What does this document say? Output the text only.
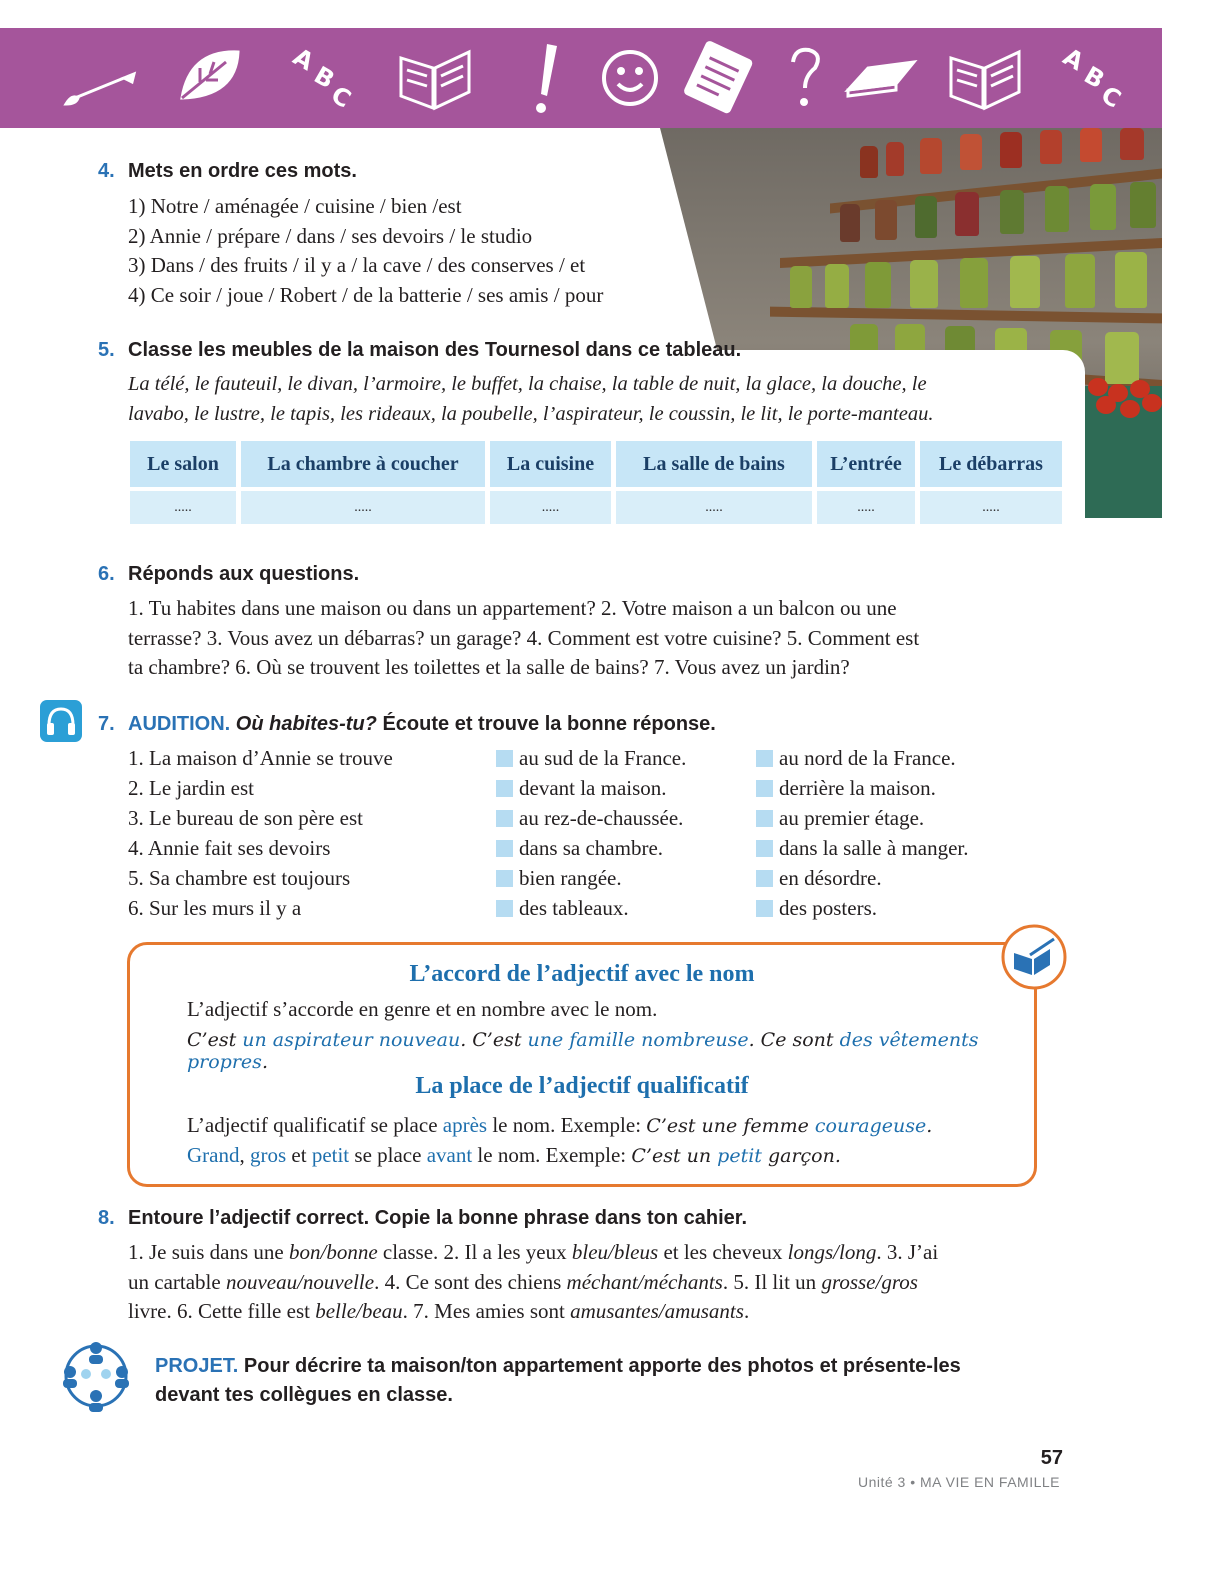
A
B
C
A
B
C
4. Mets en ordre ces mots.
1) Notre / aménagée / cuisine / bien /est
2) Annie / prépare / dans / ses devoirs / le studio
3) Dans / des fruits / il y a / la cave / des conserves / et
4) Ce soir / joue / Robert / de la batterie / ses amis / pour
5. Classe les meubles de la maison des Tournesol dans ce tableau.
La télé, le fauteuil, le divan, l’armoire, le buffet, la chaise, la table de nuit, la glace, la douche, le
lavabo, le lustre, le tapis, les rideaux, la poubelle, l’aspirateur, le coussin, le lit, le porte-manteau.
Le salon	La chambre à coucher	La cuisine	La salle de bains	L’entrée	Le débarras

.....	.....	.....	.....	.....	.....
6. Réponds aux questions.
1. Tu habites dans une maison ou dans un appartement? 2. Votre maison a un balcon ou une
terrasse? 3. Vous avez un débarras? un garage? 4. Comment est votre cuisine? 5. Comment est
ta chambre? 6. Où se trouvent les toilettes et la salle de bains? 7. Vous avez un jardin?
7. AUDITION. Où habites-tu? Écoute et trouve la bonne réponse.
1. La maison d’Annie se trouve	au sud de la France.	au nord de la France.
2. Le jardin est	devant la maison.	derrière la maison.
3. Le bureau de son père est	au rez-de-chaussée.	au premier étage.
4. Annie fait ses devoirs	dans sa chambre.	dans la salle à manger.
5. Sa chambre est toujours	bien rangée.	en désordre.
6. Sur les murs il y a	des tableaux.	des posters.
L’accord de l’adjectif avec le nom
L’adjectif s’accorde en genre et en nombre avec le nom.
C’est un aspirateur nouveau. C’est une famille nombreuse. Ce sont des vêtements propres.
La place de l’adjectif qualificatif
L’adjectif qualificatif se place après le nom. Exemple: C’est une femme courageuse.
Grand, gros et petit se place avant le nom. Exemple: C’est un petit garçon.
8. Entoure l’adjectif correct. Copie la bonne phrase dans ton cahier.
1. Je suis dans une bon/bonne classe. 2. Il a les yeux bleu/bleus et les cheveux longs/long. 3. J’ai
un cartable nouveau/nouvelle. 4. Ce sont des chiens méchant/méchants. 5. Il lit un grosse/gros
livre. 6. Cette fille est belle/beau. 7. Mes amies sont amusantes/amusants.
PROJET. Pour décrire ta maison/ton appartement apporte des photos et présente-les
devant tes collègues en classe.
57
Unité 3 • MA VIE EN FAMILLE
